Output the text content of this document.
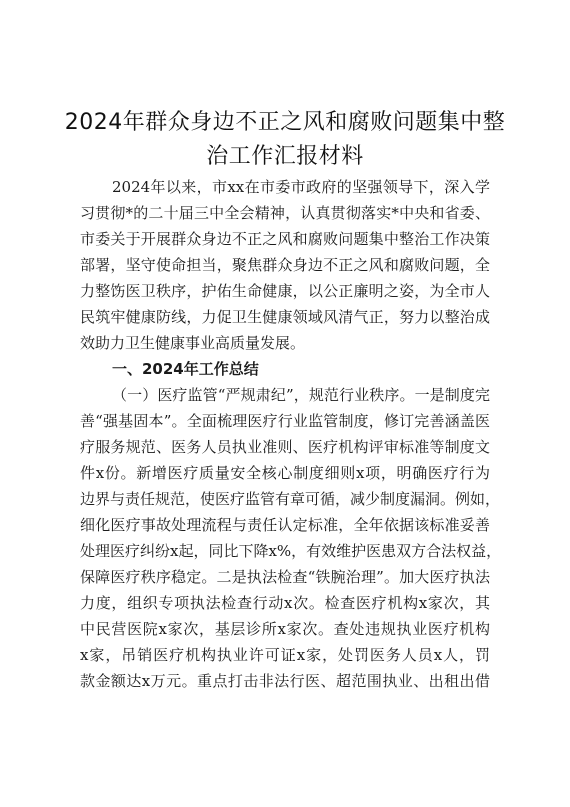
2024年群众身边不正之风和腐败问题集中整
治工作汇报材料
2024年以来，市xx在市委市政府的坚强领导下，深入学
习贯彻*的二十届三中全会精神，认真贯彻落实*中央和省委、
市委关于开展群众身边不正之风和腐败问题集中整治工作决策
部署，坚守使命担当，聚焦群众身边不正之风和腐败问题，全
力整饬医卫秩序，护佑生命健康，以公正廉明之姿，为全市人
民筑牢健康防线，力促卫生健康领域风清气正，努力以整治成
效助力卫生健康事业高质量发展。
一、2024年工作总结
（一）医疗监管“严规肃纪”，规范行业秩序。一是制度完
善“强基固本”。全面梳理医疗行业监管制度，修订完善涵盖医
疗服务规范、医务人员执业准则、医疗机构评审标准等制度文
件x份。新增医疗质量安全核心制度细则x项，明确医疗行为
边界与责任规范，使医疗监管有章可循，减少制度漏洞。例如，
细化医疗事故处理流程与责任认定标准，全年依据该标准妥善
处理医疗纠纷x起，同比下降x%，有效维护医患双方合法权益，
保障医疗秩序稳定。二是执法检查“铁腕治理”。加大医疗执法
力度，组织专项执法检查行动x次。检查医疗机构x家次，其
中民营医院x家次，基层诊所x家次。查处违规执业医疗机构
x家，吊销医疗机构执业许可证x家，处罚医务人员x人，罚
款金额达x万元。重点打击非法行医、超范围执业、出租出借
